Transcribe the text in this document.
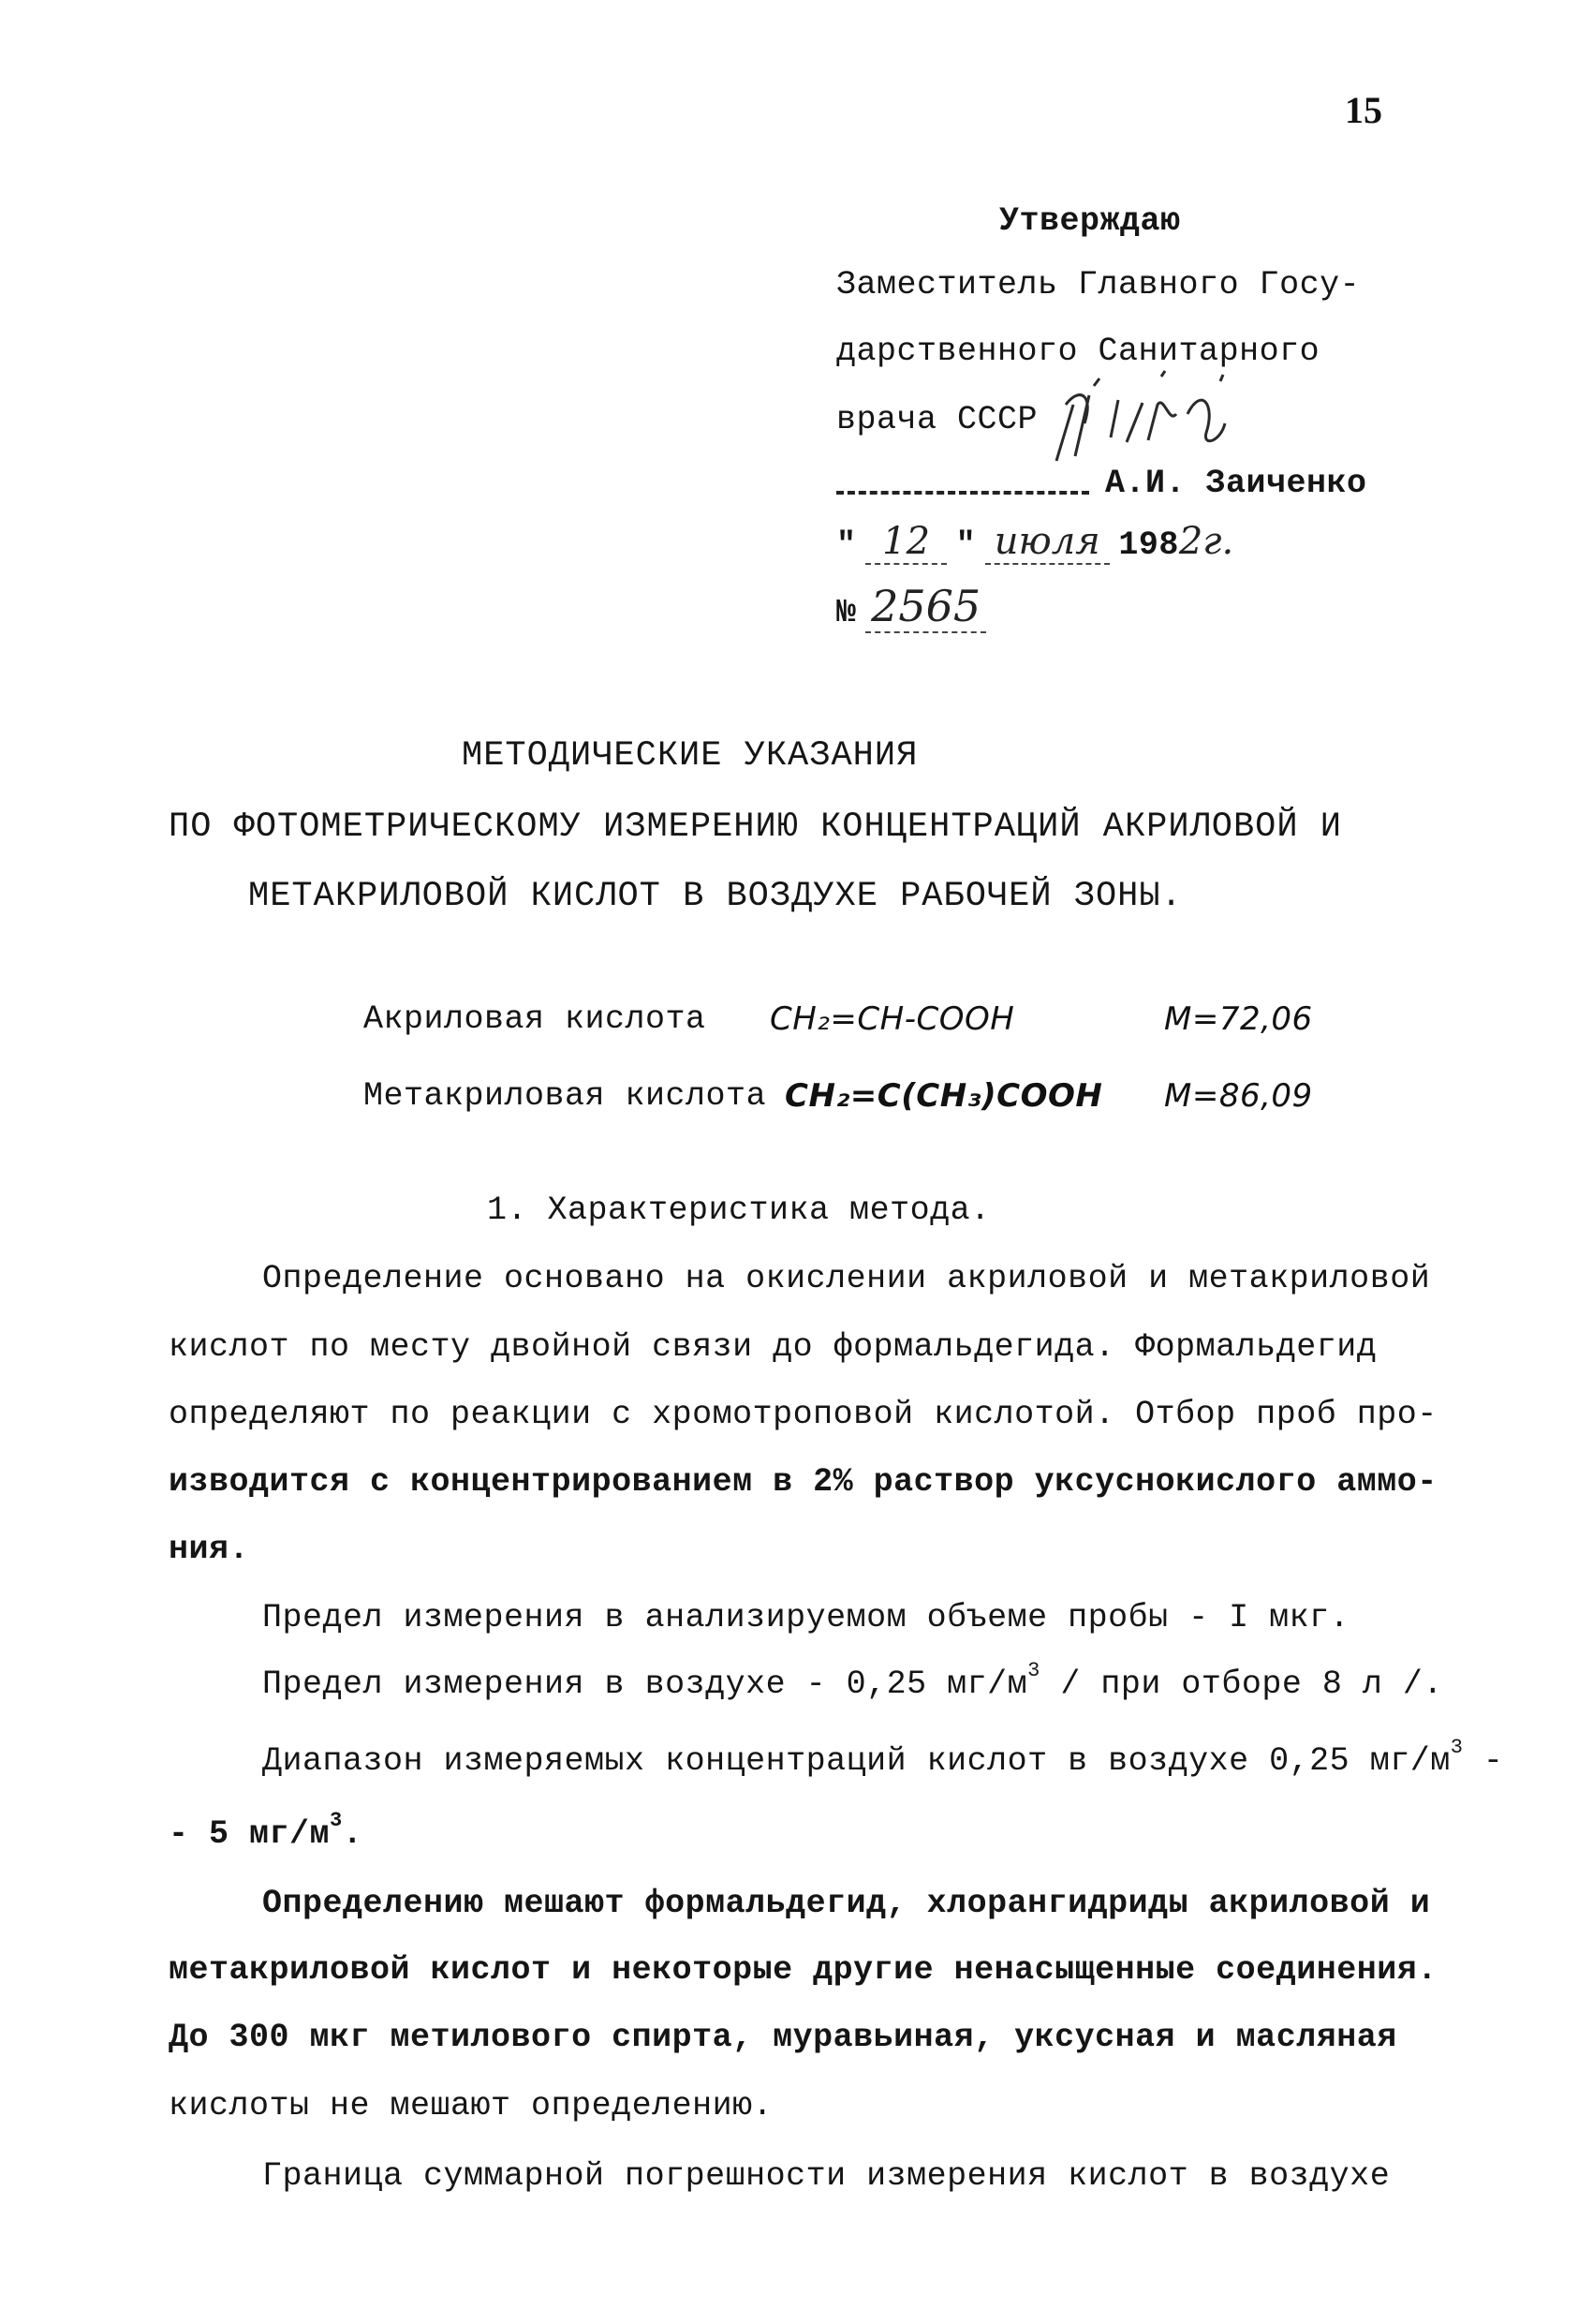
15
Утверждаю
Заместитель Главного Госу-
дарственного Санитарного
врача СССР
А.И. Заиченко
" 12 " июля 1982г.
№ 2565
МЕТОДИЧЕСКИЕ УКАЗАНИЯ
ПО ФОТОМЕТРИЧЕСКОМУ ИЗМЕРЕНИЮ КОНЦЕНТРАЦИЙ АКРИЛОВОЙ И
МЕТАКРИЛОВОЙ КИСЛОТ В ВОЗДУХЕ РАБОЧЕЙ ЗОНЫ.
Акриловая кислота CH₂=CH-COOH	M=72,06
Метакриловая кислота CH₂=C(CH₃)COOH M=86,09
1. Характеристика метода.
Определение основано на окислении акриловой и метакриловой
кислот по месту двойной связи до формальдегида. Формальдегид
определяют по реакции с хромотроповой кислотой. Отбор проб про-
изводится с концентрированием в 2% раствор уксуснокислого аммо-
ния.
Предел измерения в анализируемом объеме пробы - I мкг.
Предел измерения в воздухе - 0,25 $мг/м^3$ / при отборе 8 л /.
Диапазон измеряемых концентраций кислот в воздухе 0,25 $мг/м^3$ -
- 5 $мг/м^3$.
Определению мешают формальдегид, хлорангидриды акриловой и
метакриловой кислот и некоторые другие ненасыщенные соединения.
До 300 мкг метилового спирта, муравьиная, уксусная и масляная
кислоты не мешают определению.
Граница суммарной погрешности измерения кислот в воздухе
